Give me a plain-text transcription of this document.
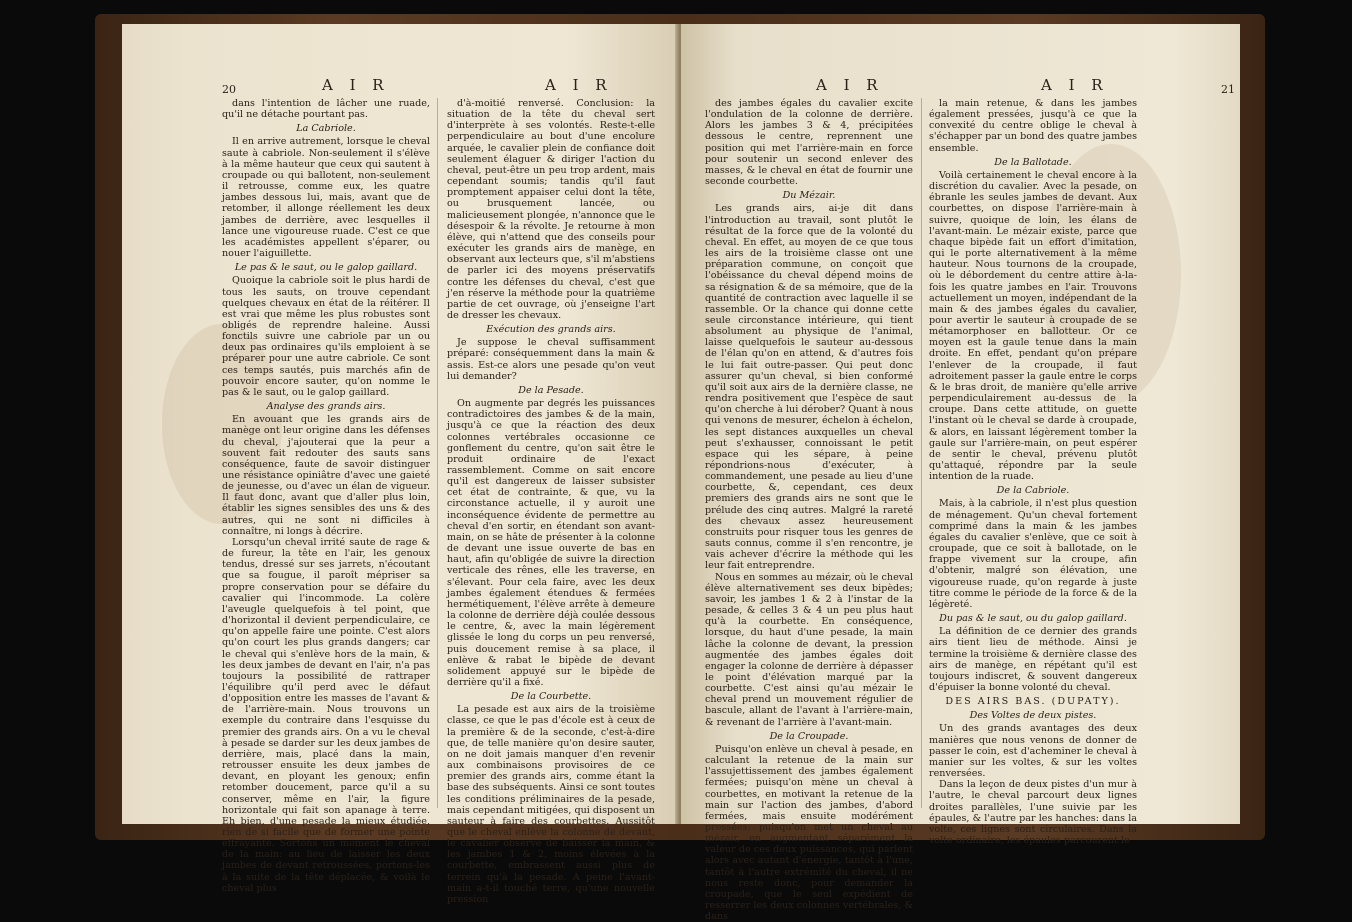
20	A I R	A I R

dans l'intention de lâcher une ruade, qu'il ne détache pourtant pas.

La Cabriole.

Il en arrive autrement, lorsque le cheval saute à cabriole. Non-seulement il s'élève à la même hauteur que ceux qui sautent à croupade ou qui ballotent, non-seulement il retrousse, comme eux, les quatre jambes dessous lui, mais, avant que de retomber, il allonge réellement les deux jambes de derrière, avec lesquelles il lance une vigoureuse ruade. C'est ce que les académistes appellent s'éparer, ou nouer l'aiguillette.

Le pas & le saut, ou le galop gaillard.

Quoique la cabriole soit le plus hardi de tous les sauts, on trouve cependant quelques chevaux en état de la réitérer. Il est vrai que même les plus robustes sont obligés de reprendre haleine. Aussi fonctils suivre une cabriole par un ou deux pas ordinaires qu'ils emploient à se préparer pour une autre cabriole. Ce sont ces temps sautés, puis marchés afin de pouvoir encore sauter, qu'on nomme le pas & le saut, ou le galop gaillard.

Analyse des grands airs.

En avouant que les grands airs de manège ont leur origine dans les défenses du cheval, j'ajouterai que la peur a souvent fait redouter des sauts sans conséquence, faute de savoir distinguer une résistance opiniâtre d'avec une gaieté de jeunesse, ou d'avec un élan de vigueur. Il faut donc, avant que d'aller plus loin, établir les signes sensibles des uns & des autres, qui ne sont ni difficiles à connaître, ni longs à décrire.

Lorsqu'un cheval irrité saute de rage & de fureur, la tête en l'air, les genoux tendus, dressé sur ses jarrets, n'écoutant que sa fougue, il paroît mépriser sa propre conservation pour se défaire du cavalier qui l'incommode. La colère l'aveugle quelquefois à tel point, que d'horizontal il devient perpendiculaire, ce qu'on appelle faire une pointe. C'est alors qu'on court les plus grands dangers; car le cheval qui s'enlève hors de la main, & les deux jambes de devant en l'air, n'a pas toujours la possibilité de rattraper l'équilibre qu'il perd avec le défaut d'opposition entre les masses de l'avant & de l'arrière-main. Nous trouvons un exemple du contraire dans l'esquisse du premier des grands airs. On a vu le cheval à pesade se darder sur les deux jambes de derrière, mais, placé dans la main, retrousser ensuite les deux jambes de devant, en ployant les genoux; enfin retomber doucement, parce qu'il a su conserver, même en l'air, la figure horizontale qui fait son apanage à terre. Eh bien, d'une pesade la mieux étudiée, rien de si facile que de former une pointe effrayante. Sortons un moment le cheval de la main: au lieu de laisser les deux jambes de devant retroussées, portons-les à la suite de la tête déplacée, & voilà le cheval plus

d'à-moitié renversé. Conclusion: la situation de la tête du cheval sert d'interprète à ses volontés. Reste-t-elle perpendiculaire au bout d'une encolure arquée, le cavalier plein de confiance doit seulement élaguer & diriger l'action du cheval, peut-être un peu trop ardent, mais cependant soumis; tandis qu'il faut promptement appaiser celui dont la tête, ou brusquement lancée, ou malicieusement plongée, n'annonce que le désespoir & la révolte. Je retourne à mon élève, qui n'attend que des conseils pour exécuter les grands airs de manège, en observant aux lecteurs que, s'il m'abstiens de parler ici des moyens préservatifs contre les défenses du cheval, c'est que j'en réserve la méthode pour la quatrième partie de cet ouvrage, où j'enseigne l'art de dresser les chevaux.

Exécution des grands airs.

Je suppose le cheval suffisamment préparé: conséquemment dans la main & assis. Est-ce alors une pesade qu'on veut lui demander?

De la Pesade.

On augmente par degrés les puissances contradictoires des jambes & de la main, jusqu'à ce que la réaction des deux colonnes vertébrales occasionne ce gonflement du centre, qu'on sait être le produit ordinaire de l'exact rassemblement. Comme on sait encore qu'il est dangereux de laisser subsister cet état de contrainte, & que, vu la circonstance actuelle, il y auroit une inconséquence évidente de permettre au cheval d'en sortir, en étendant son avant-main, on se hâte de présenter à la colonne de devant une issue ouverte de bas en haut, afin qu'obligée de suivre la direction verticale des rênes, elle les traverse, en s'élevant. Pour cela faire, avec les deux jambes également étendues & fermées hermétiquement, l'élève arrête à demeure la colonne de derrière déjà coulée dessous le centre, &, avec la main légèrement glissée le long du corps un peu renversé, puis doucement remise à sa place, il enlève & rabat le bipède de devant solidement appuyé sur le bipède de derrière qu'il a fixé.

De la Courbette.

La pesade est aux airs de la troisième classe, ce que le pas d'école est à ceux de la première & de la seconde, c'est-à-dire que, de telle manière qu'on desire sauter, on ne doit jamais manquer d'en revenir aux combinaisons provisoires de ce premier des grands airs, comme étant la base des subséquents. Ainsi ce sont toutes les conditions préliminaires de la pesade, mais cependant mitigées, qui disposent un sauteur à faire des courbettes. Aussitôt que le cheval enlève la colonne de devant, le cavalier observe de baisser la main, & les jambes 1 & 2, moins élevées à la courbette, embrassent aussi plus de terrein qu'à la pesade. A peine l'avant-main a-t-il touché terre, qu'une nouvelle pression

A I R	A I R	21

des jambes égales du cavalier excite l'ondulation de la colonne de derrière. Alors les jambes 3 & 4, précipitées dessous le centre, reprennent une position qui met l'arrière-main en force pour soutenir un second enlever des masses, & le cheval en état de fournir une seconde courbette.

Du Mézair.

Les grands airs, ai-je dit dans l'introduction au travail, sont plutôt le résultat de la force que de la volonté du cheval. En effet, au moyen de ce que tous les airs de la troisième classe ont une préparation commune, on conçoit que l'obéissance du cheval dépend moins de sa résignation & de sa mémoire, que de la quantité de contraction avec laquelle il se rassemble. Or la chance qui donne cette seule circonstance intérieure, qui tient absolument au physique de l'animal, laisse quelquefois le sauteur au-dessous de l'élan qu'on en attend, & d'autres fois le lui fait outre-passer. Qui peut donc assurer qu'un cheval, si bien conformé qu'il soit aux airs de la dernière classe, ne rendra positivement que l'espèce de saut qu'on cherche à lui dérober? Quant à nous qui venons de mesurer, échelon à échelon, les sept distances auxquelles un cheval peut s'exhausser, connoissant le petit espace qui les sépare, à peine répondrions-nous d'exécuter, à commandement, une pesade au lieu d'une courbette, &, cependant, ces deux premiers des grands airs ne sont que le prélude des cinq autres. Malgré la rareté des chevaux assez heureusement construits pour risquer tous les genres de sauts connus, comme il s'en rencontre, je vais achever d'écrire la méthode qui les leur fait entreprendre.

Nous en sommes au mézair, où le cheval élève alternativement ses deux bipèdes; savoir, les jambes 1 & 2 à l'instar de la pesade, & celles 3 & 4 un peu plus haut qu'à la courbette. En conséquence, lorsque, du haut d'une pesade, la main lâche la colonne de devant, la pression augmentée des jambes égales doit engager la colonne de derrière à dépasser le point d'élévation marqué par la courbette. C'est ainsi qu'au mézair le cheval prend un mouvement régulier de bascule, allant de l'avant à l'arrière-main, & revenant de l'arrière à l'avant-main.

De la Croupade.

Puisqu'on enlève un cheval à pesade, en calculant la retenue de la main sur l'assujettissement des jambes également fermées; puisqu'on mène un cheval à courbettes, en motivant la retenue de la main sur l'action des jambes, d'abord fermées, mais ensuite modérément pressées; puisqu'on met un cheval au mézair, en augmentant séparément la valeur de ces deux puissances, qui parlent alors avec autant d'énergie, tantôt à l'une, tantôt à l'autre extrémité du cheval, il ne nous reste donc, pour demander la croupade, que le seul expédient de resserrer les deux colonnes vertébrales, & dans

la main retenue, & dans les jambes également pressées, jusqu'à ce que la convexité du centre oblige le cheval à s'échapper par un bond des quatre jambes ensemble.

De la Ballotade.

Voilà certainement le cheval encore à la discrétion du cavalier. Avec la pesade, on ébranle les seules jambes de devant. Aux courbettes, on dispose l'arrière-main à suivre, quoique de loin, les élans de l'avant-main. Le mézair existe, parce que chaque bipède fait un effort d'imitation, qui le porte alternativement à la même hauteur. Nous tournons de la croupade, où le débordement du centre attire à-la-fois les quatre jambes en l'air. Trouvons actuellement un moyen, indépendant de la main & des jambes égales du cavalier, pour avertir le sauteur à croupade de se métamorphoser en ballotteur. Or ce moyen est la gaule tenue dans la main droite. En effet, pendant qu'on prépare l'enlever de la croupade, il faut adroitement passer la gaule entre le corps & le bras droit, de manière qu'elle arrive perpendiculairement au-dessus de la croupe. Dans cette attitude, on guette l'instant où le cheval se darde à croupade, & alors, en laissant légèrement tomber la gaule sur l'arrière-main, on peut espérer de sentir le cheval, prévenu plutôt qu'attaqué, répondre par la seule intention de la ruade.

De la Cabriole.

Mais, à la cabriole, il n'est plus question de ménagement. Qu'un cheval fortement comprimé dans la main & les jambes égales du cavalier s'enlève, que ce soit à croupade, que ce soit à ballotade, on le frappe vivement sur la croupe, afin d'obtenir, malgré son élévation, une vigoureuse ruade, qu'on regarde à juste titre comme le période de la force & de la légèreté.

Du pas & le saut, ou du galop gaillard.

La définition de ce dernier des grands airs tient lieu de méthode. Ainsi je termine la troisième & dernière classe des airs de manège, en répétant qu'il est toujours indiscret, & souvent dangereux d'épuiser la bonne volonté du cheval.

DES AIRS BAS. (DUPATY).

Des Voltes de deux pistes.

Un des grands avantages des deux manières que nous venons de donner de passer le coin, est d'acheminer le cheval à manier sur les voltes, & sur les voltes renversées.

Dans la leçon de deux pistes d'un mur à l'autre, le cheval parcourt deux lignes droites parallèles, l'une suivie par les épaules, & l'autre par les hanches: dans la volte, ces lignes sont circulaires. Dans la volte ordinaire, les épaules parcourent le
